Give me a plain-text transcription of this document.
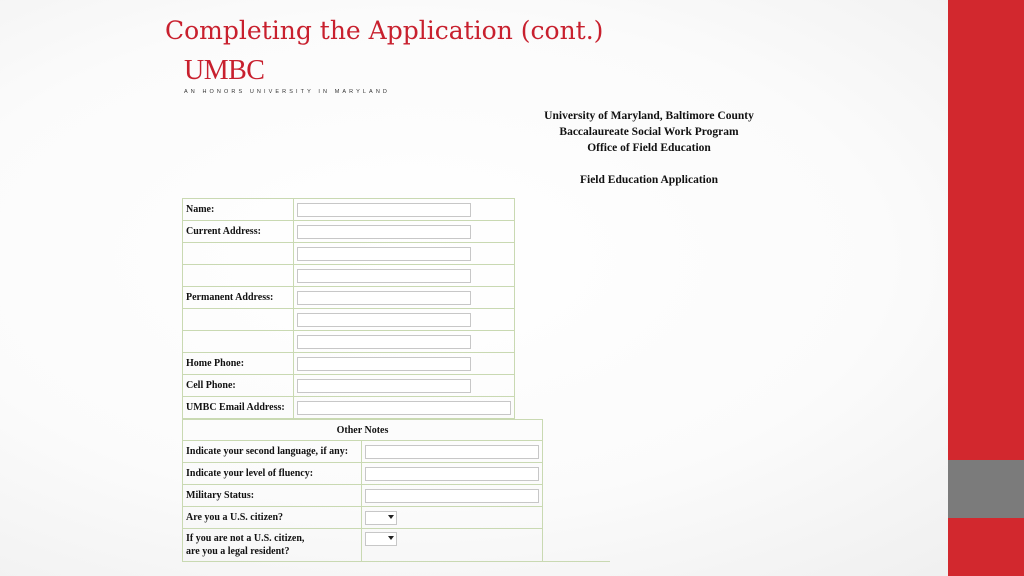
Completing the Application (cont.)
UMBC
AN HONORS UNIVERSITY IN MARYLAND
University of Maryland, Baltimore County
Baccalaureate Social Work Program
Office of Field Education
Field Education Application
Name:	

Current Address:	

Permanent Address:	

Home Phone:	

Cell Phone:	

UMBC Email Address:	
Other Notes	
Indicate your second language, if any:	

Indicate your level of fluency:	

Military Status:	

Are you a U.S. citizen?	

If you are not a U.S. citizen,
are you a legal resident?	
